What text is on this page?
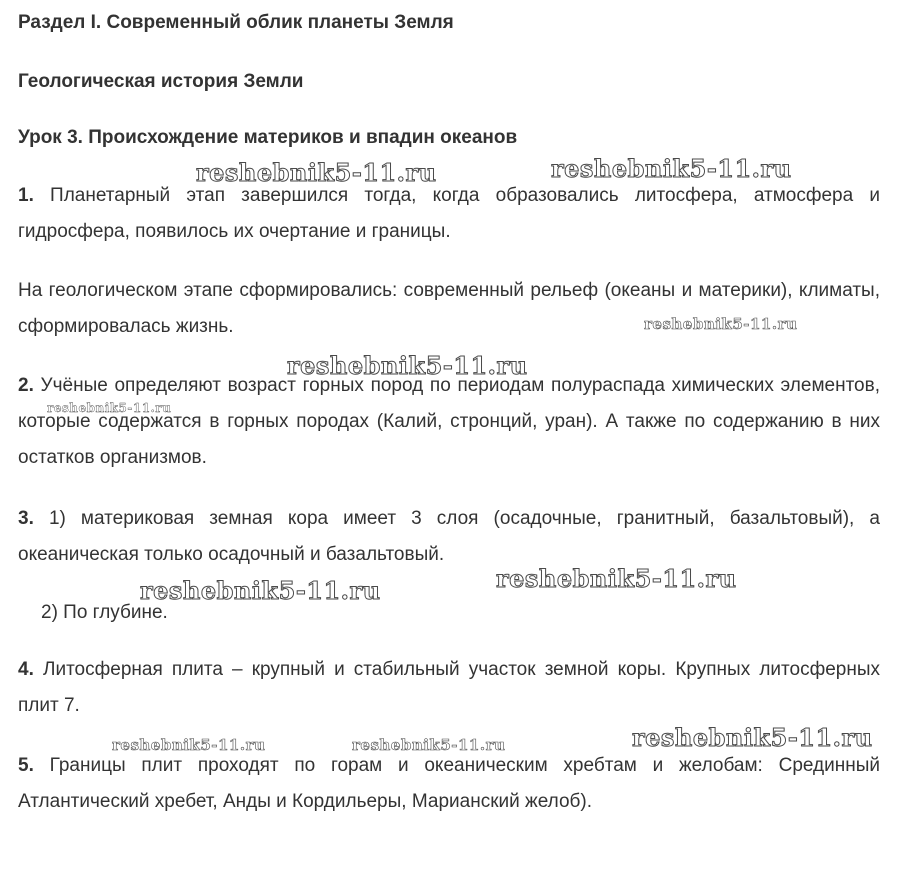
Раздел I. Современный облик планеты Земля
Геологическая история Земли
Урок 3. Происхождение материков и впадин океанов

1. Планетарный этап завершился тогда, когда образовались литосфера, атмосфера и гидросфера, появилось их очертание и границы.

На геологическом этапе сформировались: современный рельеф (океаны и материки), климаты, сформировалась жизнь.

2. Учёные определяют возраст горных пород по периодам полураспада химических элементов, которые содержатся в горных породах (Калий, стронций, уран). А также по содержанию в них остатков организмов.

3. 1) материковая земная кора имеет 3 слоя (осадочные, гранитный, базальтовый), а океаническая только осадочный и базальтовый.

2) По глубине.

4. Литосферная плита – крупный и стабильный участок земной коры. Крупных литосферных плит 7.

5. Границы плит проходят по горам и океаническим хребтам и желобам: Срединный Атлантический хребет, Анды и Кордильеры, Марианский желоб).

reshebnik5-11.ru	reshebnik5-11.ru
reshebnik5-11.ru
reshebnik5-11.ru
reshebnik5-11.ru
reshebnik5-11.ru	reshebnik5-11.ru
reshebnik5-11.ru	reshebnik5-11.ru	reshebnik5-11.ru
